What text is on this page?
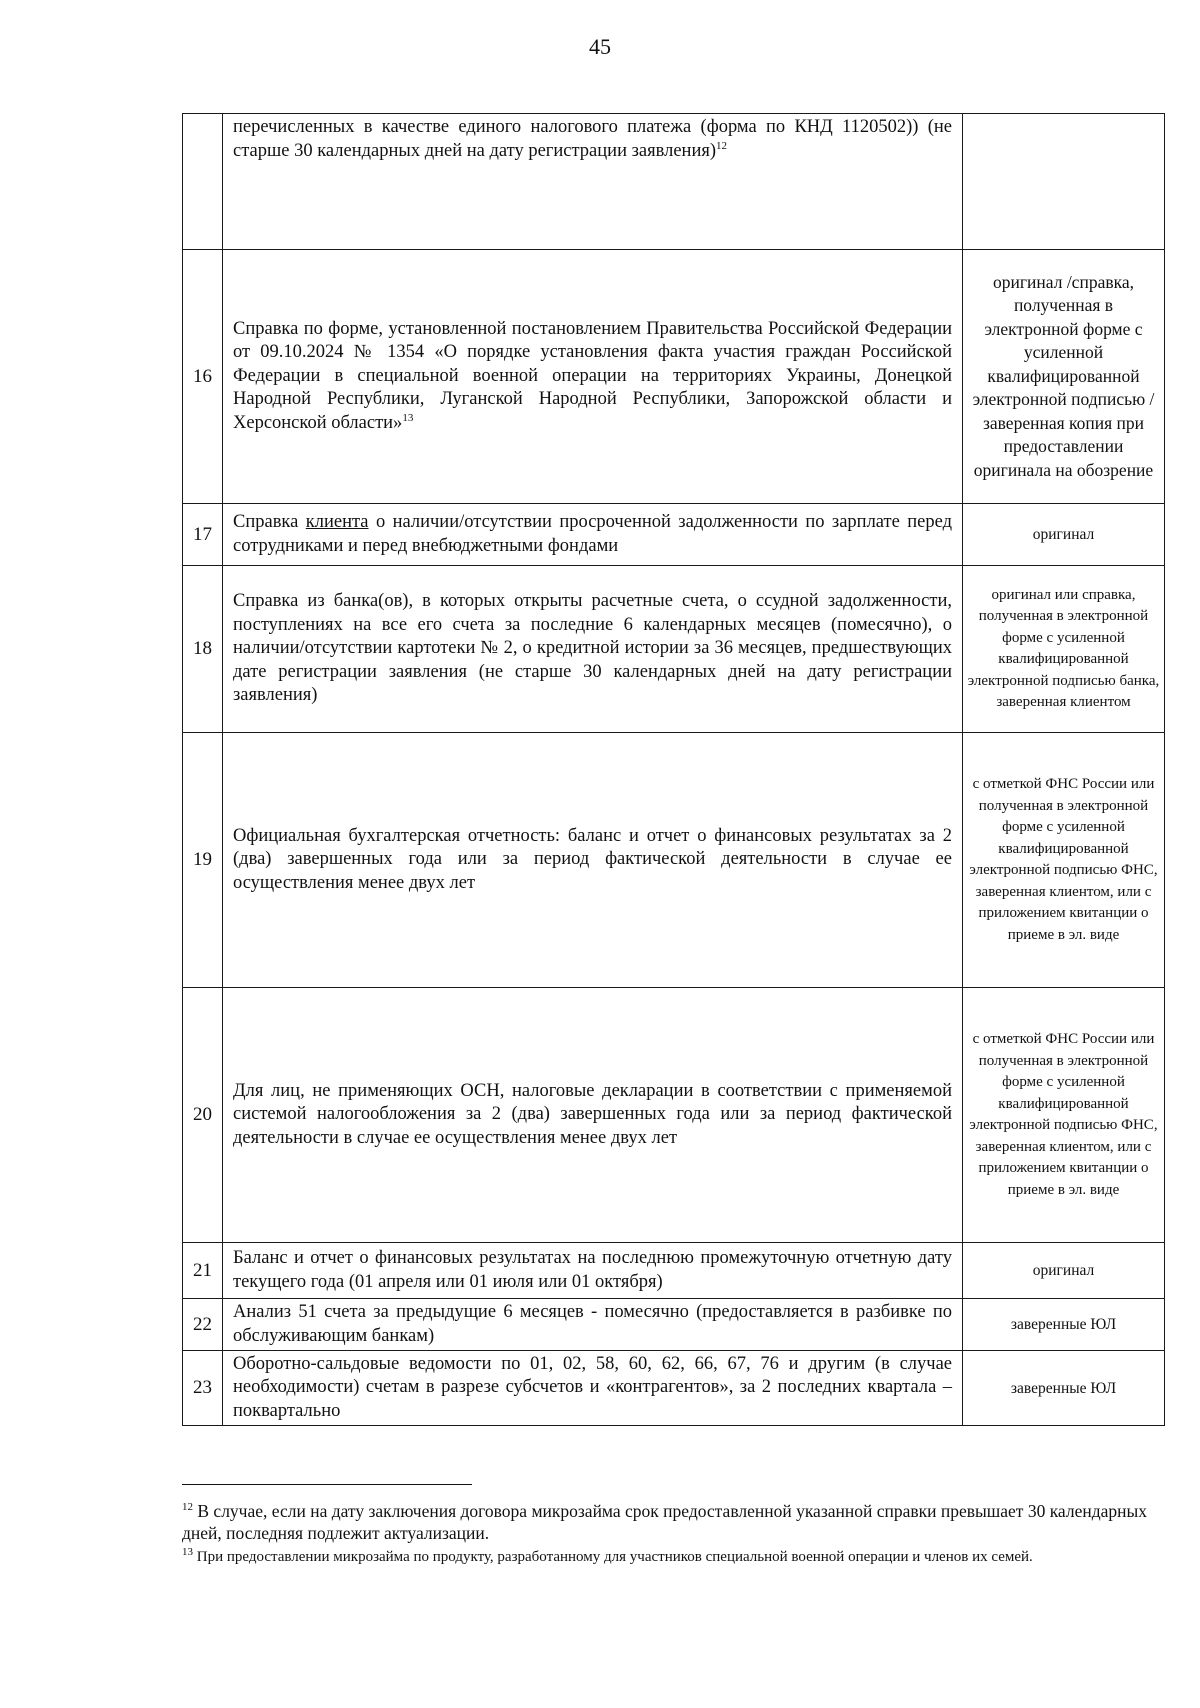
45
	перечисленных в качестве единого налогового платежа (форма по КНД 1120502)) (не старше 30 календарных дней на дату регистрации заявления)$^{12}$	
16	Справка по форме, установленной постановлением Правительства Российской Федерации от 09.10.2024 № 1354 «О порядке установления факта участия граждан Российской Федерации в специальной военной операции на территориях Украины, Донецкой Народной Республики, Луганской Народной Республики, Запорожской области и Херсонской области»$^{13}$	оригинал /справка, полученная в электронной форме с усиленной квалифицированной электронной подписью / заверенная копия при предоставлении оригинала на обозрение
17	Справка клиента о наличии/отсутствии просроченной задолженности по зарплате перед сотрудниками и перед внебюджетными фондами	оригинал
18	Справка из банка(ов), в которых открыты расчетные счета, о ссудной задолженности, поступлениях на все его счета за последние 6 календарных месяцев (помесячно), о наличии/отсутствии картотеки № 2, о кредитной истории за 36 месяцев, предшествующих дате регистрации заявления (не старше 30 календарных дней на дату регистрации заявления)	оригинал или справка, полученная в электронной форме с усиленной квалифицированной электронной подписью банка, заверенная клиентом
19	Официальная бухгалтерская отчетность: баланс и отчет о финансовых результатах за 2 (два) завершенных года или за период фактической деятельности в случае ее осуществления менее двух лет	с отметкой ФНС России или полученная в электронной форме с усиленной квалифицированной электронной подписью ФНС, заверенная клиентом, или с приложением квитанции о приеме в эл. виде
20	Для лиц, не применяющих ОСН, налоговые декларации в соответствии с применяемой системой налогообложения за 2 (два) завершенных года или за период фактической деятельности в случае ее осуществления менее двух лет	с отметкой ФНС России или полученная в электронной форме с усиленной квалифицированной электронной подписью ФНС, заверенная клиентом, или с приложением квитанции о приеме в эл. виде
21	Баланс и отчет о финансовых результатах на последнюю промежуточную отчетную дату текущего года (01 апреля или 01 июля или 01 октября)	оригинал
22	Анализ 51 счета за предыдущие 6 месяцев - помесячно (предоставляется в разбивке по обслуживающим банкам)	заверенные ЮЛ
23	Оборотно-сальдовые ведомости по 01, 02, 58, 60, 62, 66, 67, 76 и другим (в случае необходимости) счетам в разрезе субсчетов и «контрагентов», за 2 последних квартала – поквартально	заверенные ЮЛ

$^{12}$ В случае, если на дату заключения договора микрозайма срок предоставленной указанной справки превышает 30 календарных дней, последняя подлежит актуализации.

$^{13}$ При предоставлении микрозайма по продукту, разработанному для участников специальной военной операции и членов их семей.
